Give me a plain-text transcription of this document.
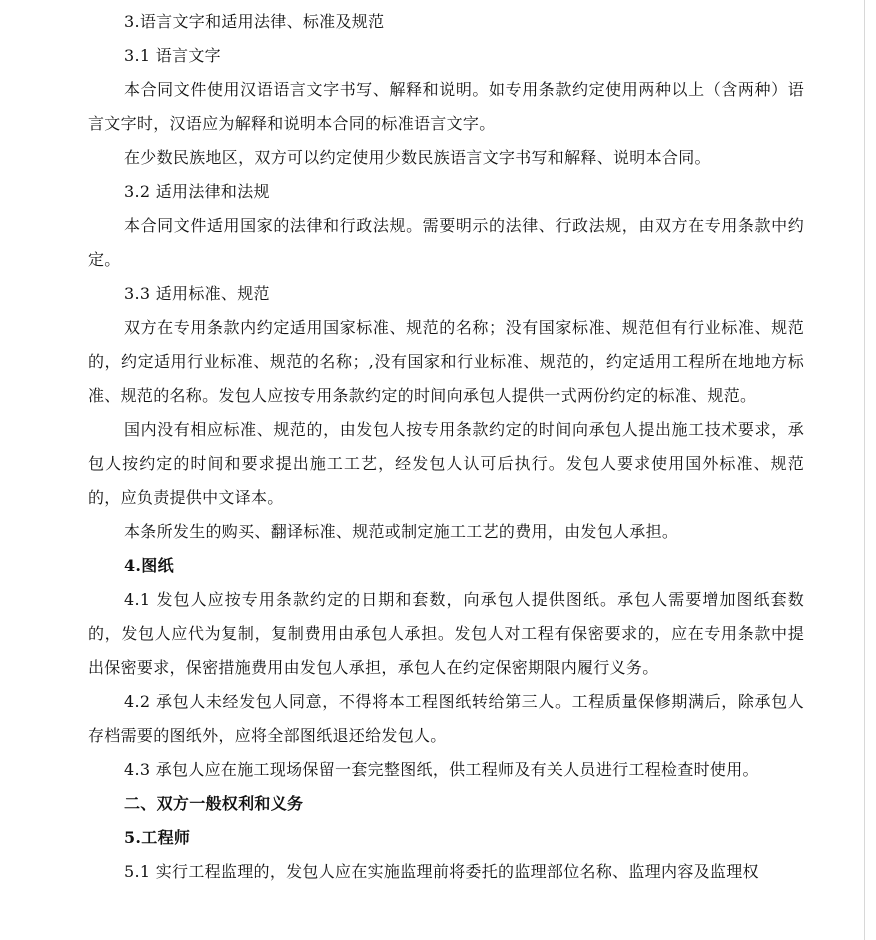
3.语言文字和适用法律、标准及规范

3.1 语言文字

本合同文件使用汉语语言文字书写、解释和说明。如专用条款约定使用两种以上（含两种）语言文字时，汉语应为解释和说明本合同的标准语言文字。

在少数民族地区，双方可以约定使用少数民族语言文字书写和解释、说明本合同。

3.2 适用法律和法规

本合同文件适用国家的法律和行政法规。需要明示的法律、行政法规，由双方在专用条款中约定。

3.3 适用标准、规范

双方在专用条款内约定适用国家标准、规范的名称；没有国家标准、规范但有行业标准、规范的，约定适用行业标准、规范的名称；,没有国家和行业标准、规范的，约定适用工程所在地地方标准、规范的名称。发包人应按专用条款约定的时间向承包人提供一式两份约定的标准、规范。

国内没有相应标准、规范的，由发包人按专用条款约定的时间向承包人提出施工技术要求，承包人按约定的时间和要求提出施工工艺，经发包人认可后执行。发包人要求使用国外标准、规范的，应负责提供中文译本。

本条所发生的购买、翻译标准、规范或制定施工工艺的费用，由发包人承担。

4.图纸

4.1 发包人应按专用条款约定的日期和套数，向承包人提供图纸。承包人需要增加图纸套数的，发包人应代为复制，复制费用由承包人承担。发包人对工程有保密要求的，应在专用条款中提出保密要求，保密措施费用由发包人承担，承包人在约定保密期限内履行义务。

4.2 承包人未经发包人同意，不得将本工程图纸转给第三人。工程质量保修期满后，除承包人存档需要的图纸外，应将全部图纸退还给发包人。

4.3 承包人应在施工现场保留一套完整图纸，供工程师及有关人员进行工程检查时使用。

二、双方一般权利和义务

5.工程师

5.1 实行工程监理的，发包人应在实施监理前将委托的监理部位名称、监理内容及监理权
